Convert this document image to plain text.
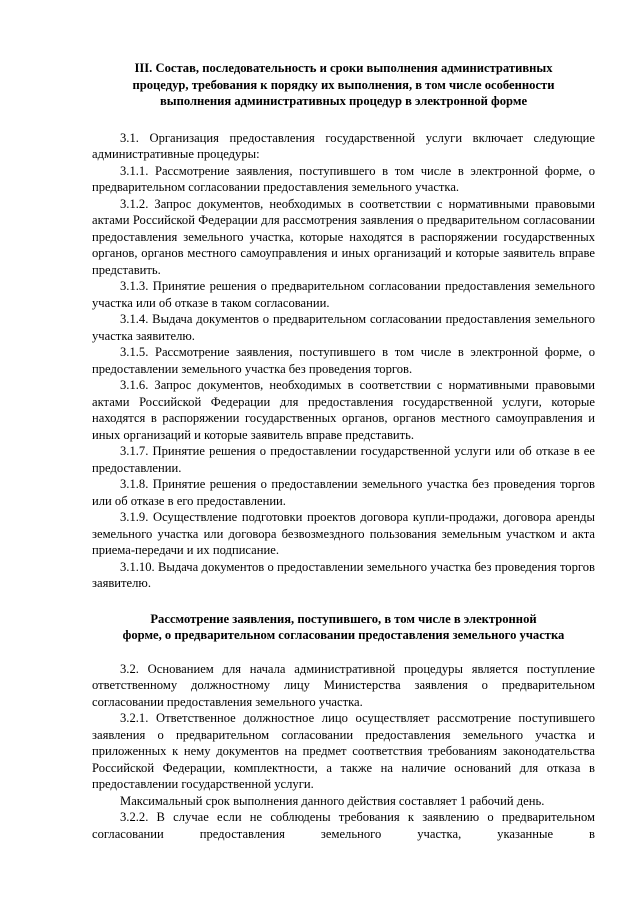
III. Состав, последовательность и сроки выполнения административных
процедур, требования к порядку их выполнения, в том числе особенности
выполнения административных процедур в электронной форме

3.1. Организация предоставления государственной услуги включает следующие административные процедуры:

3.1.1. Рассмотрение заявления, поступившего в том числе в электронной форме, о предварительном согласовании предоставления земельного участка.

3.1.2. Запрос документов, необходимых в соответствии с нормативными правовыми актами Российской Федерации для рассмотрения заявления о предварительном согласовании предоставления земельного участка, которые находятся в распоряжении государственных органов, органов местного самоуправления и иных организаций и которые заявитель вправе представить.

3.1.3. Принятие решения о предварительном согласовании предоставления земельного участка или об отказе в таком согласовании.

3.1.4. Выдача документов о предварительном согласовании предоставления земельного участка заявителю.

3.1.5. Рассмотрение заявления, поступившего в том числе в электронной форме, о предоставлении земельного участка без проведения торгов.

3.1.6. Запрос документов, необходимых в соответствии с нормативными правовыми актами Российской Федерации для предоставления государственной услуги, которые находятся в распоряжении государственных органов, органов местного самоуправления и иных организаций и которые заявитель вправе представить.

3.1.7. Принятие решения о предоставлении государственной услуги или об отказе в ее предоставлении.

3.1.8. Принятие решения о предоставлении земельного участка без проведения торгов или об отказе в его предоставлении.

3.1.9. Осуществление подготовки проектов договора купли-продажи, договора аренды земельного участка или договора безвозмездного пользования земельным участком и акта приема-передачи и их подписание.

3.1.10. Выдача документов о предоставлении земельного участка без проведения торгов заявителю.

Рассмотрение заявления, поступившего, в том числе в электронной
форме, о предварительном согласовании предоставления земельного участка

3.2. Основанием для начала административной процедуры является поступление ответственному должностному лицу Министерства заявления о предварительном согласовании предоставления земельного участка.

3.2.1. Ответственное должностное лицо осуществляет рассмотрение поступившего заявления о предварительном согласовании предоставления земельного участка и приложенных к нему документов на предмет соответствия требованиям законодательства Российской Федерации, комплектности, а также на наличие оснований для отказа в предоставлении государственной услуги.

Максимальный срок выполнения данного действия составляет 1 рабочий день.

3.2.2. В случае если не соблюдены требования к заявлению о предварительном согласовании предоставления земельного участка, указанные в
